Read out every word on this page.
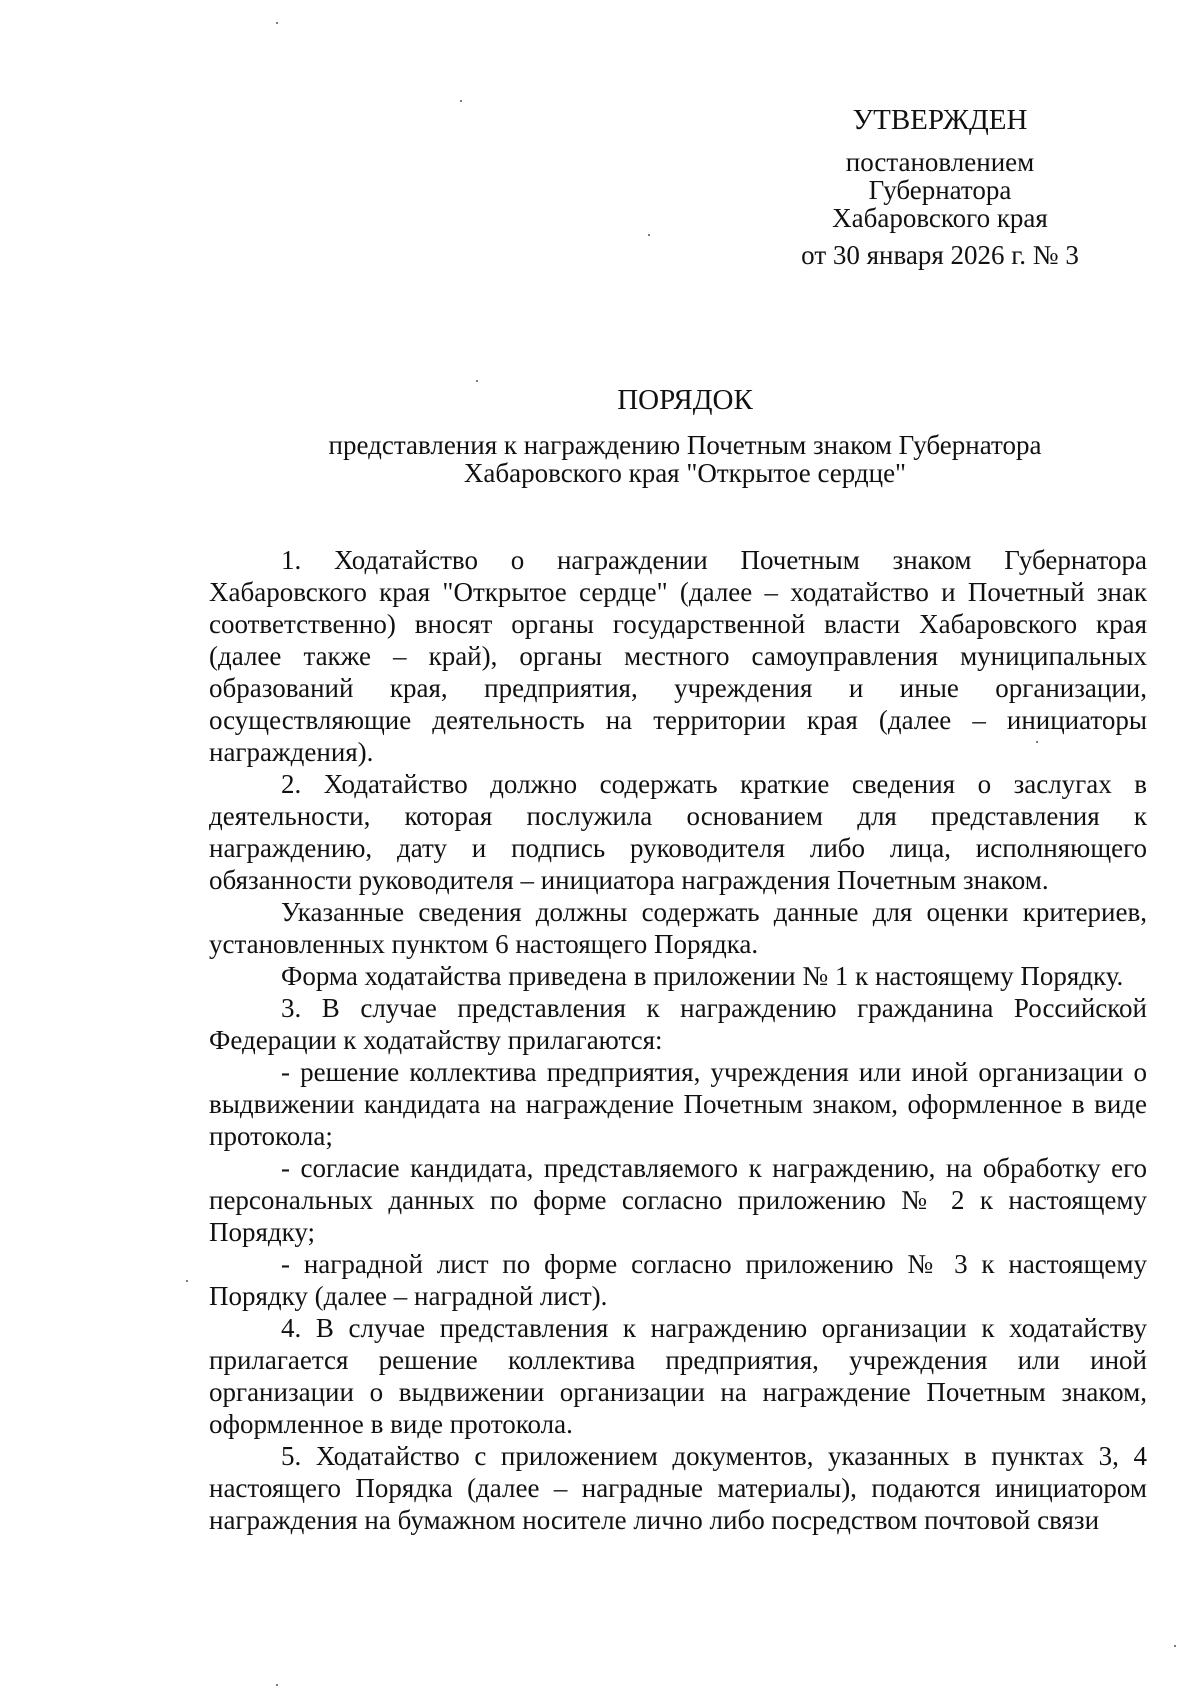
УТВЕРЖДЕН
постановлением
Губернатора
Хабаровского края
от 30 января 2026 г. № 3
ПОРЯДОК
представления к награждению Почетным знаком Губернатора
Хабаровского края "Открытое сердце"

1. Ходатайство о награждении Почетным знаком Губернатора Хабаровского края "Открытое сердце" (далее – ходатайство и Почетный знак соответственно) вносят органы государственной власти Хабаровского края (далее также – край), органы местного самоуправления муниципальных образований края, предприятия, учреждения и иные организации, осуществляющие деятельность на территории края (далее – инициаторы награждения).

2. Ходатайство должно содержать краткие сведения о заслугах в деятельности, которая послужила основанием для представления к награждению, дату и подпись руководителя либо лица, исполняющего обязанности руководителя – инициатора награждения Почетным знаком.

Указанные сведения должны содержать данные для оценки критериев, установленных пунктом 6 настоящего Порядка.

Форма ходатайства приведена в приложении № 1 к настоящему Порядку.

3. В случае представления к награждению гражданина Российской Федерации к ходатайству прилагаются:

- решение коллектива предприятия, учреждения или иной организации о выдвижении кандидата на награждение Почетным знаком, оформленное в виде протокола;

- согласие кандидата, представляемого к награждению, на обработку его персональных данных по форме согласно приложению № 2 к настоящему Порядку;

- наградной лист по форме согласно приложению № 3 к настоящему Порядку (далее – наградной лист).

4. В случае представления к награждению организации к ходатайству прилагается решение коллектива предприятия, учреждения или иной организации о выдвижении организации на награждение Почетным знаком, оформленное в виде протокола.

5. Ходатайство с приложением документов, указанных в пунктах 3, 4 настоящего Порядка (далее – наградные материалы), подаются инициатором награждения на бумажном носителе лично либо посредством почтовой связи
